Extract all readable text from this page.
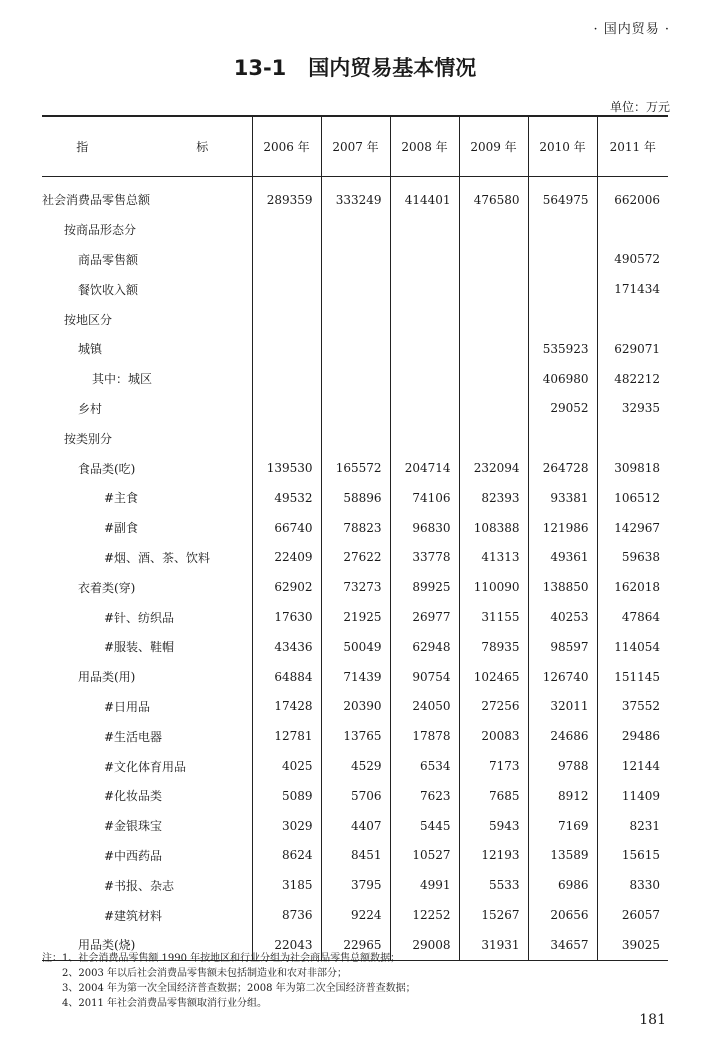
· 国内贸易 ·
13-1 国内贸易基本情况
单位：万元
指　　标	2006 年	2007 年	2008 年	2009 年	2010 年	2011 年
社会消费品零售总额	289359	333249	414401	476580	564975	662006
按商品形态分						
商品零售额						490572
餐饮收入额						171434
按地区分						
城镇					535923	629071
其中：城区					406980	482212
乡村					29052	32935
按类别分						
食品类(吃)	139530	165572	204714	232094	264728	309818
#主食	49532	58896	74106	82393	93381	106512
#副食	66740	78823	96830	108388	121986	142967
#烟、酒、茶、饮料	22409	27622	33778	41313	49361	59638
衣着类(穿)	62902	73273	89925	110090	138850	162018
#针、纺织品	17630	21925	26977	31155	40253	47864
#服装、鞋帽	43436	50049	62948	78935	98597	114054
用品类(用)	64884	71439	90754	102465	126740	151145
#日用品	17428	20390	24050	27256	32011	37552
#生活电器	12781	13765	17878	20083	24686	29486
#文化体育用品	4025	4529	6534	7173	9788	12144
#化妆品类	5089	5706	7623	7685	8912	11409
#金银珠宝	3029	4407	5445	5943	7169	8231
#中西药品	8624	8451	10527	12193	13589	15615
#书报、杂志	3185	3795	4991	5533	6986	8330
#建筑材料	8736	9224	12252	15267	20656	26057
用品类(烧)	22043	22965	29008	31931	34657	39025
注：1、社会消费品零售额 1990 年按地区和行业分组为社会商品零售总额数据；
2、2003 年以后社会消费品零售额未包括制造业和农对非部分；
3、2004 年为第一次全国经济普查数据；2008 年为第二次全国经济普查数据；
4、2011 年社会消费品零售额取消行业分组。
181
